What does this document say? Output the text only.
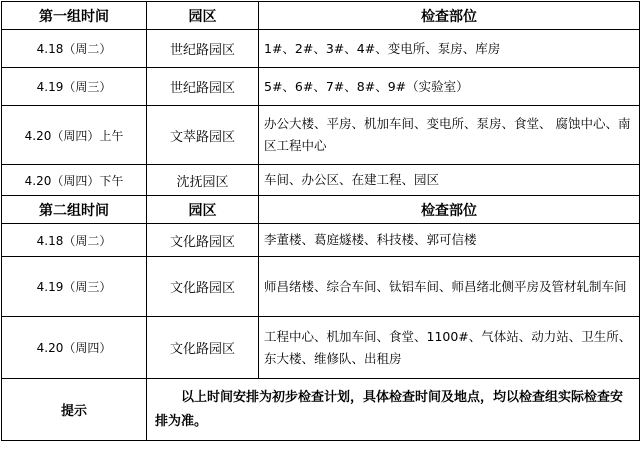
第一组时间	园区	检查部位
4.18（周二）	世纪路园区	1#、2#、3#、4#、变电所、泵房、库房
4.19（周三）	世纪路园区	5#、6#、7#、8#、9#（实验室）
4.20（周四）上午	文萃路园区	办公大楼、平房、机加车间、变电所、泵房、食堂、 腐蚀中心、南区工程中心
4.20（周四）下午	沈抚园区	车间、办公区、在建工程、园区
第二组时间	园区	检查部位
4.18（周二）	文化路园区	李董楼、葛庭燧楼、科技楼、郭可信楼
4.19（周三）	文化路园区	师昌绪楼、综合车间、钛铝车间、师昌绪北侧平房及管材轧制车间
4.20（周四）	文化路园区	工程中心、机加车间、食堂、1100#、气体站、动力站、卫生所、东大楼、维修队、出租房
提示	以上时间安排为初步检查计划，具体检查时间及地点，均以检查组实际检查安排为准。	
